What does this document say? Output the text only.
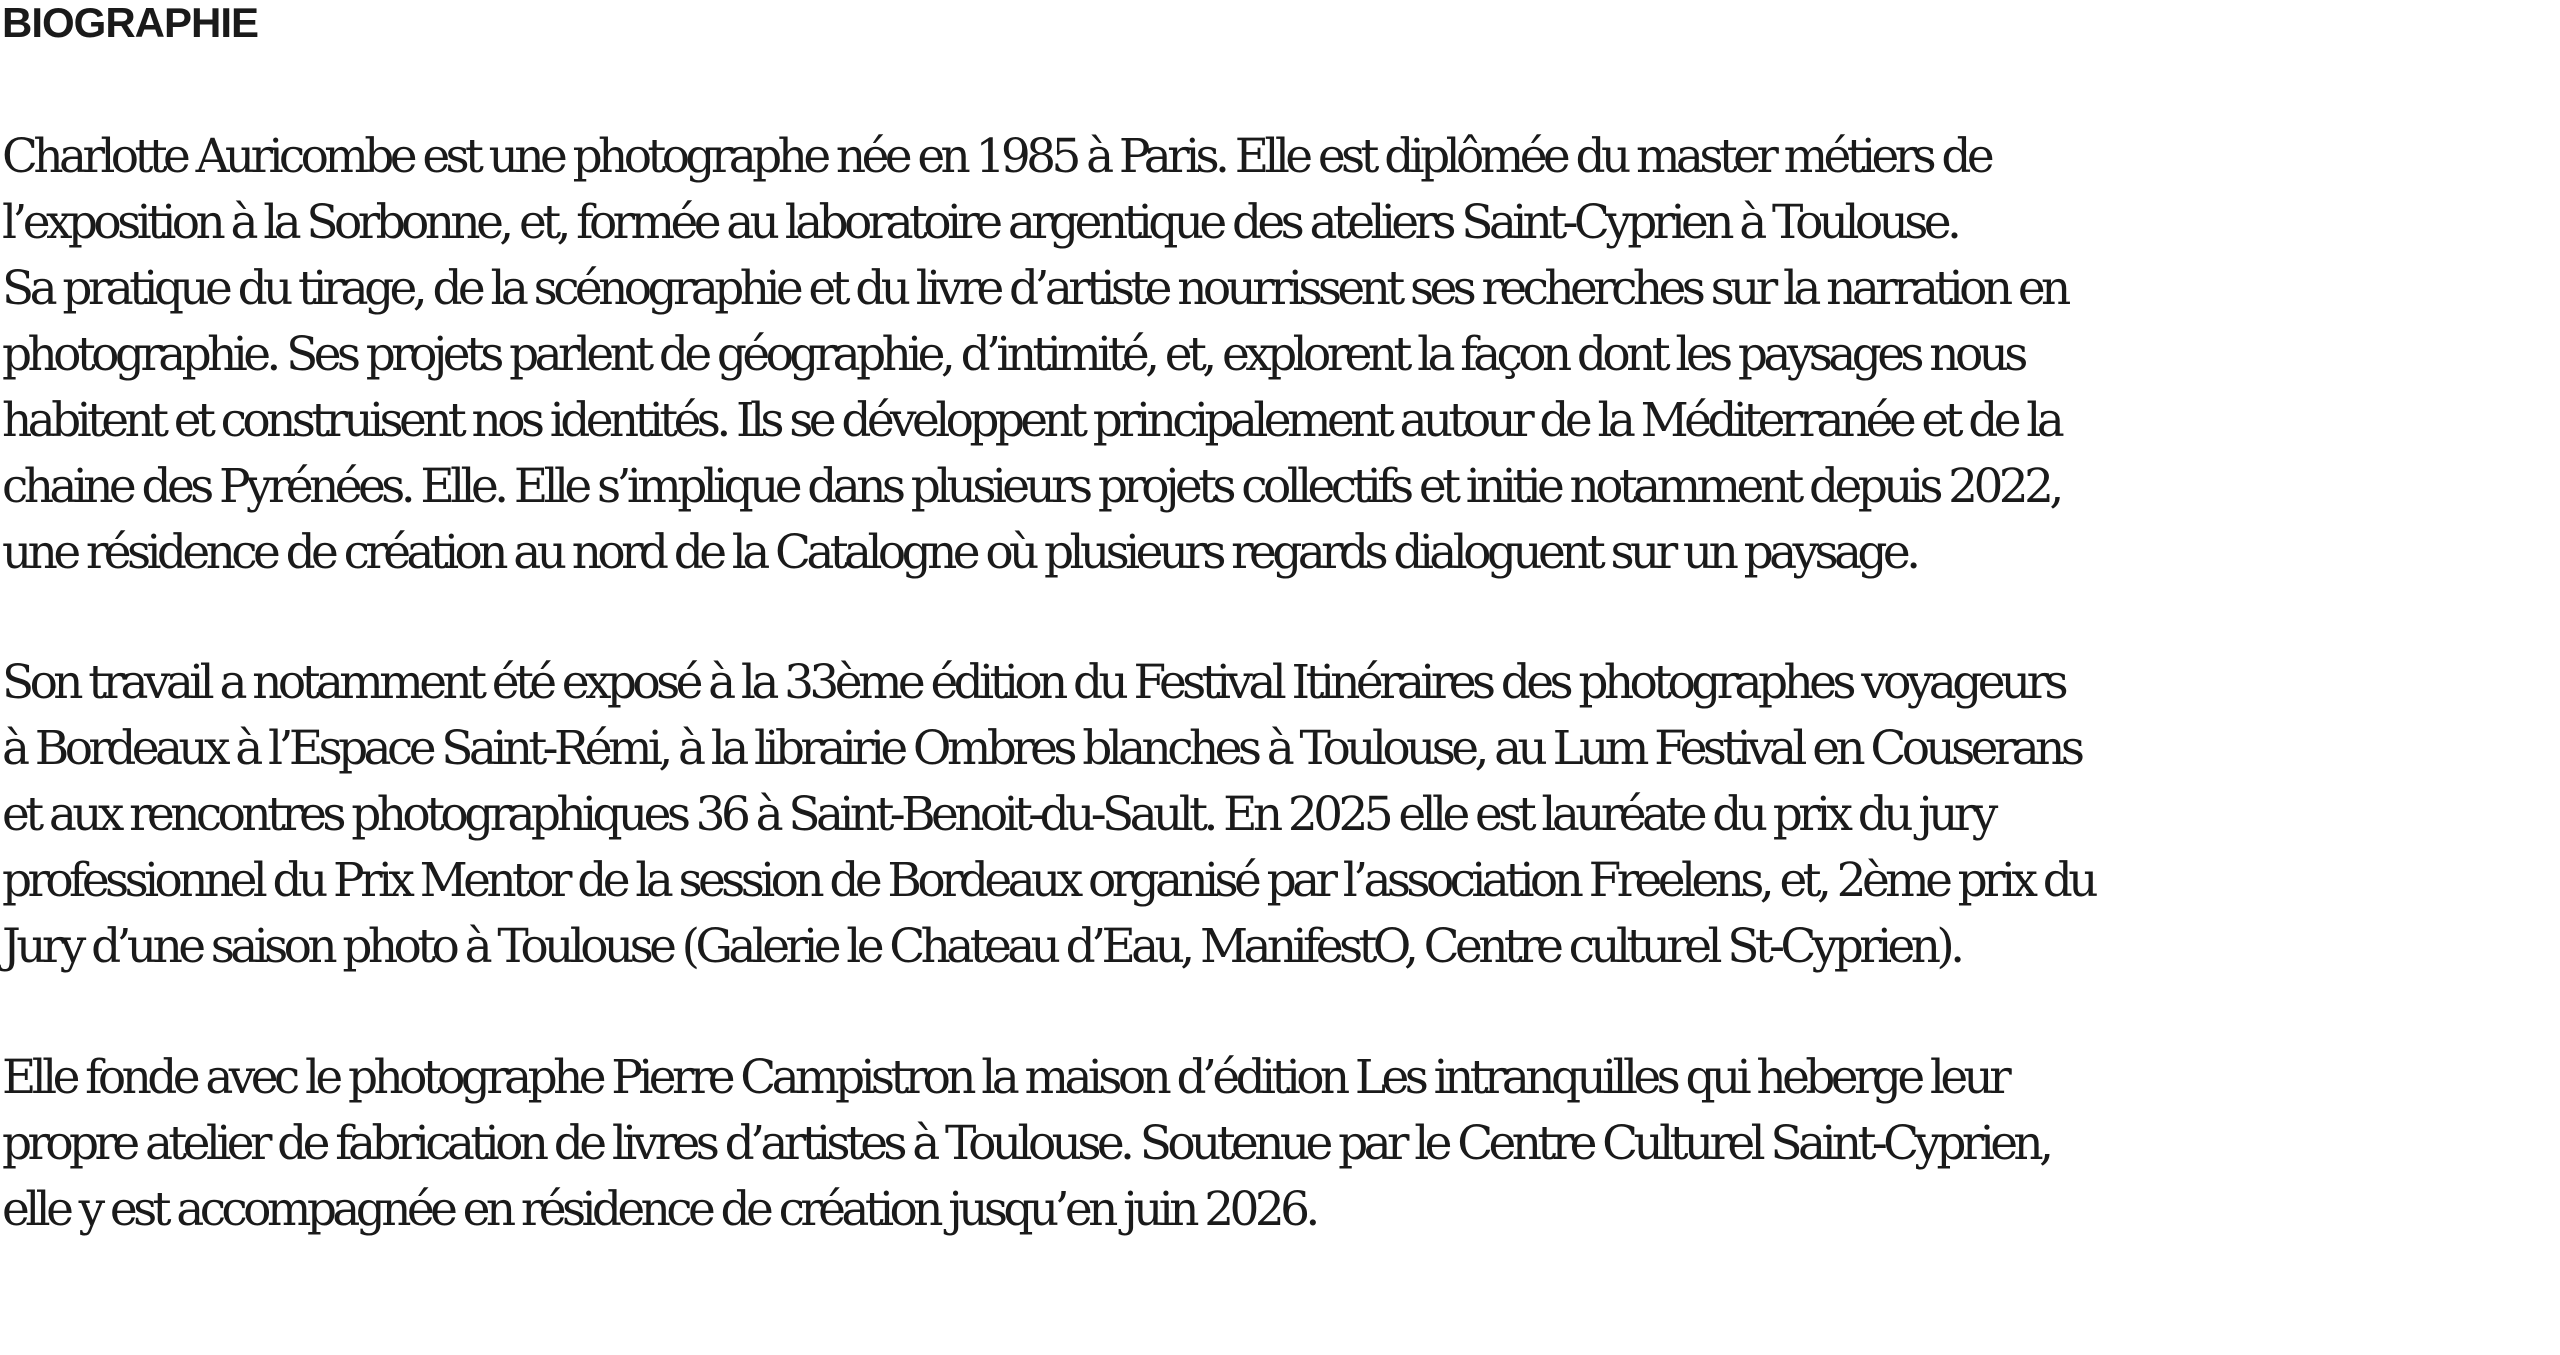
BIOGRAPHIE

Charlotte Auricombe est une photographe née en 1985 à Paris. Elle est diplômée du master métiers de
l’exposition à la Sorbonne, et, formée au laboratoire argentique des ateliers Saint-Cyprien à Toulouse.
Sa pratique du tirage, de la scénographie et du livre d’artiste nourrissent ses recherches sur la narration en
photographie. Ses projets parlent de géographie, d’intimité, et, explorent la façon dont les paysages nous
habitent et construisent nos identités. Ils se développent principalement autour de la Méditerranée et de la
chaine des Pyrénées. Elle. Elle s’implique dans plusieurs projets collectifs et initie notamment depuis 2022,
une résidence de création au nord de la Catalogne où plusieurs regards dialoguent sur un paysage.

Son travail a notamment été exposé à la 33ème édition du Festival Itinéraires des photographes voyageurs
à Bordeaux à l’Espace Saint-Rémi, à la librairie Ombres blanches à Toulouse, au Lum Festival en Couserans
et aux rencontres photographiques 36 à Saint-Benoit-du-Sault. En 2025 elle est lauréate du prix du jury
professionnel du Prix Mentor de la session de Bordeaux organisé par l’association Freelens, et, 2ème prix du
Jury d’une saison photo à Toulouse (Galerie le Chateau d’Eau, ManifestO, Centre culturel St-Cyprien).

Elle fonde avec le photographe Pierre Campistron la maison d’édition Les intranquilles qui heberge leur
propre atelier de fabrication de livres d’artistes à Toulouse. Soutenue par le Centre Culturel Saint-Cyprien,
elle y est accompagnée en résidence de création jusqu’en juin 2026.
